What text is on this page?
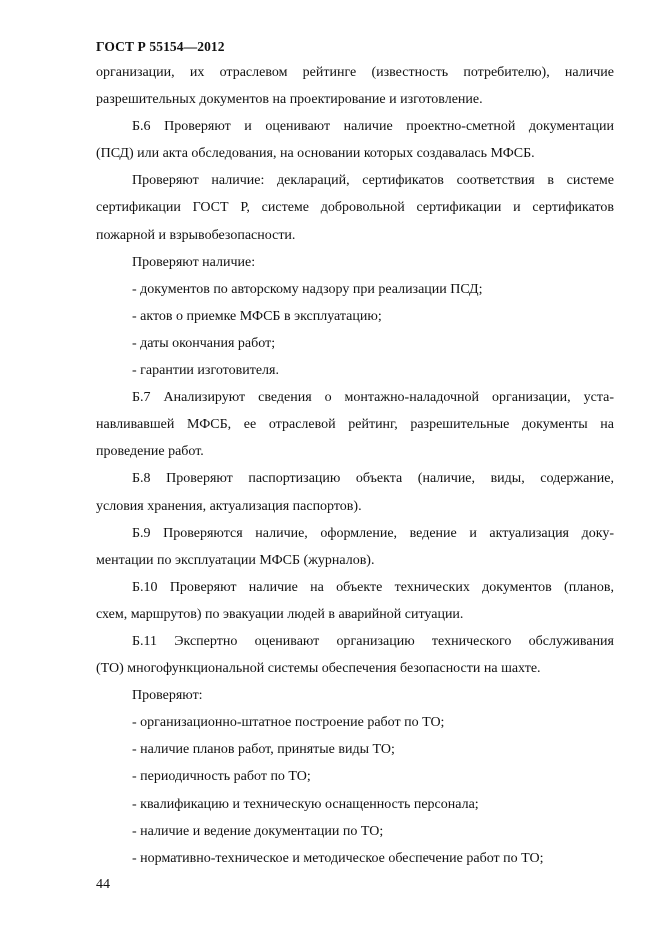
ГОСТ Р 55154—2012
организации, их отраслевом рейтинге (известность потребителю), наличие
разрешительных документов на проектирование и изготовление.
Б.6 Проверяют и оценивают наличие проектно-сметной документации
(ПСД) или акта обследования, на основании которых создавалась МФСБ.
Проверяют наличие: деклараций, сертификатов соответствия в системе
сертификации ГОСТ Р, системе добровольной сертификации и сертификатов
пожарной и взрывобезопасности.
Проверяют наличие:
- документов по авторскому надзору при реализации ПСД;
- актов о приемке МФСБ в эксплуатацию;
- даты окончания работ;
- гарантии изготовителя.
Б.7 Анализируют сведения о монтажно-наладочной организации, уста-
навливавшей МФСБ, ее отраслевой рейтинг, разрешительные документы на
проведение работ.
Б.8 Проверяют паспортизацию объекта (наличие, виды, содержание,
условия хранения, актуализация паспортов).
Б.9 Проверяются наличие, оформление, ведение и актуализация доку-
ментации по эксплуатации МФСБ (журналов).
Б.10 Проверяют наличие на объекте технических документов (планов,
схем, маршрутов) по эвакуации людей в аварийной ситуации.
Б.11 Экспертно оценивают организацию технического обслуживания
(ТО) многофункциональной системы обеспечения безопасности на шахте.
Проверяют:
- организационно-штатное построение работ по ТО;
- наличие планов работ, принятые виды ТО;
- периодичность работ по ТО;
- квалификацию и техническую оснащенность персонала;
- наличие и ведение документации по ТО;
- нормативно-техническое и методическое обеспечение работ по ТО;
44
